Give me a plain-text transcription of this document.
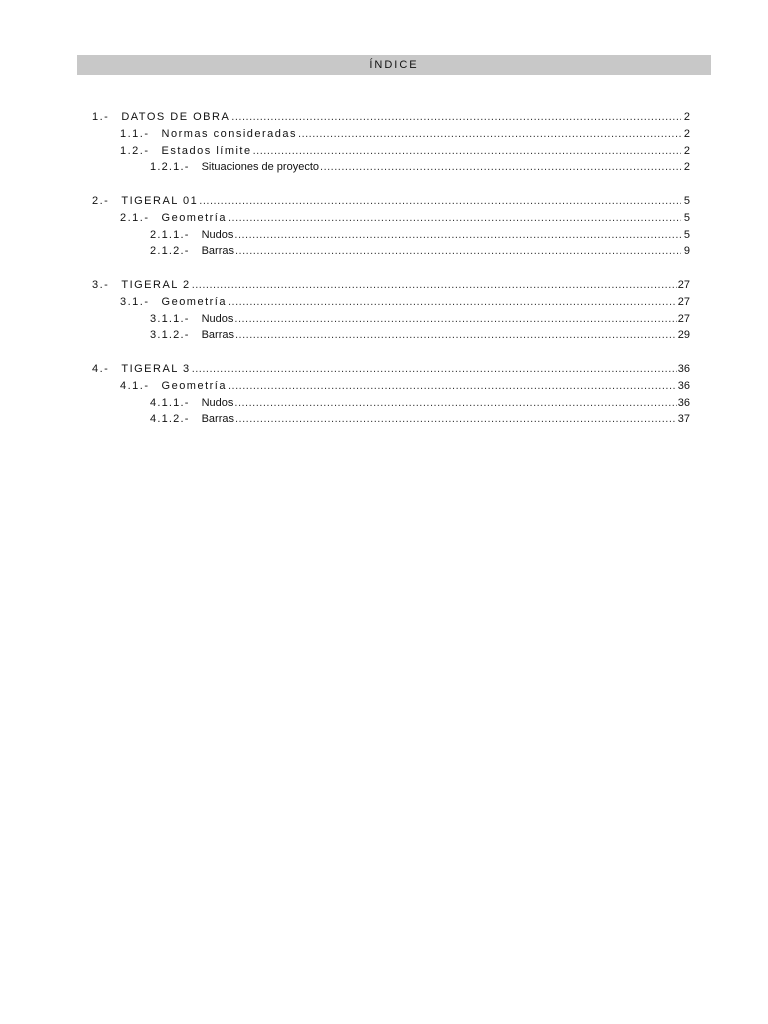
ÍNDICE
1.- DATOS DE OBRA .....	2
1.1.- Normas consideradas .....	2
1.2.- Estados límite .....	2
1.2.1.- Situaciones de proyecto .....	2
2.- TIGERAL 01 .....	5
2.1.- Geometría .....	5
2.1.1.- Nudos .....	5
2.1.2.- Barras .....	9
3.- TIGERAL 2 .....	27
3.1.- Geometría .....	27
3.1.1.- Nudos .....	27
3.1.2.- Barras .....	29
4.- TIGERAL 3 .....	36
4.1.- Geometría .....	36
4.1.1.- Nudos .....	36
4.1.2.- Barras .....	37
